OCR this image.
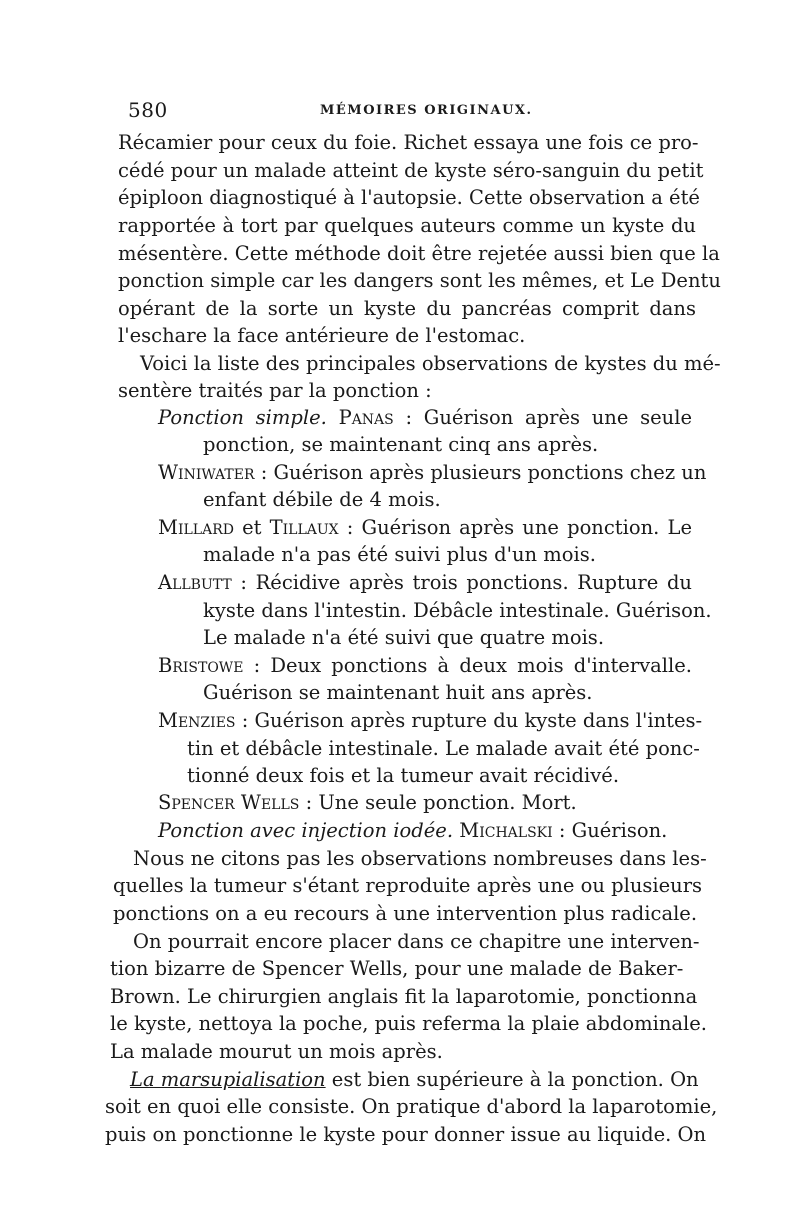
580	MÉMOIRES ORIGINAUX.
Récamier pour ceux du foie. Richet essaya une fois ce pro-
cédé pour un malade atteint de kyste séro-sanguin du petit
épiploon diagnostiqué à l'autopsie. Cette observation a été
rapportée à tort par quelques auteurs comme un kyste du
mésentère. Cette méthode doit être rejetée aussi bien que la
ponction simple car les dangers sont les mêmes, et Le Dentu
opérant de la sorte un kyste du pancréas comprit dans
l'eschare la face antérieure de l'estomac.
Voici la liste des principales observations de kystes du mé-
sentère traités par la ponction :
Ponction simple. Panas : Guérison après une seule
ponction, se maintenant cinq ans après.
Winiwater : Guérison après plusieurs ponctions chez un
enfant débile de 4 mois.
Millard et Tillaux : Guérison après une ponction. Le
malade n'a pas été suivi plus d'un mois.
Allbutt : Récidive après trois ponctions. Rupture du
kyste dans l'intestin. Débâcle intestinale. Guérison.
Le malade n'a été suivi que quatre mois.
Bristowe : Deux ponctions à deux mois d'intervalle.
Guérison se maintenant huit ans après.
Menzies : Guérison après rupture du kyste dans l'intes-
tin et débâcle intestinale. Le malade avait été ponc-
tionné deux fois et la tumeur avait récidivé.
Spencer Wells : Une seule ponction. Mort.
Ponction avec injection iodée. Michalski : Guérison.
Nous ne citons pas les observations nombreuses dans les-
quelles la tumeur s'étant reproduite après une ou plusieurs
ponctions on a eu recours à une intervention plus radicale.
On pourrait encore placer dans ce chapitre une interven-
tion bizarre de Spencer Wells, pour une malade de Baker-
Brown. Le chirurgien anglais fit la laparotomie, ponctionna
le kyste, nettoya la poche, puis referma la plaie abdominale.
La malade mourut un mois après.
La marsupialisation est bien supérieure à la ponction. On
soit en quoi elle consiste. On pratique d'abord la laparotomie,
puis on ponctionne le kyste pour donner issue au liquide. On
